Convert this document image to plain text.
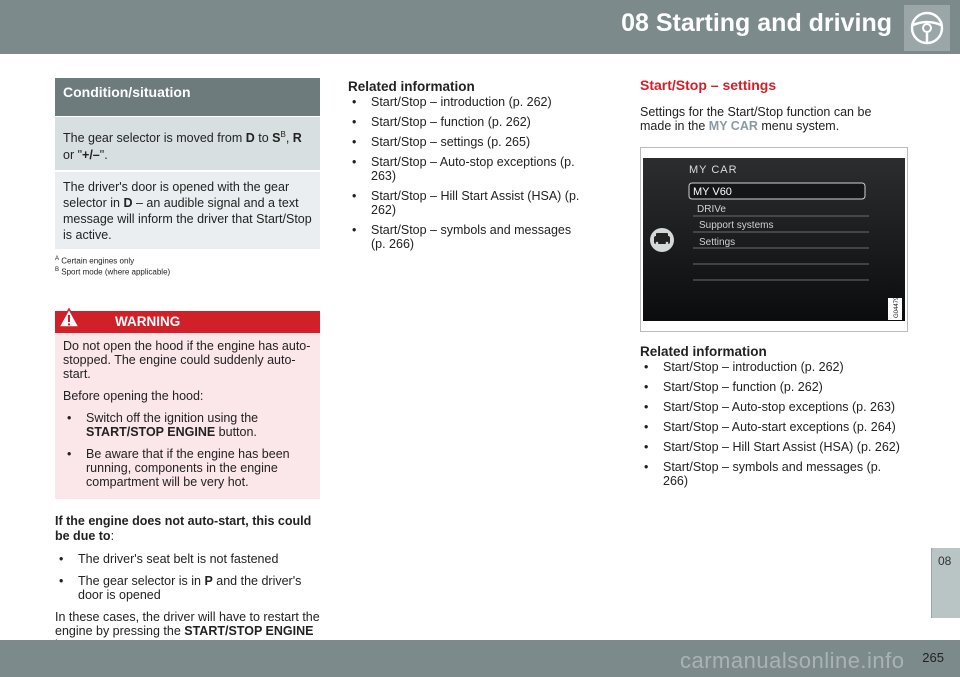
08 Starting and driving
08
Condition/situation
The gear selector is moved from D to $S^B$, R or "+/–".
The driver's door is opened with the gear selector in D – an audible signal and a text message will inform the driver that Start/Stop is active.
$^A$ Certain engines only
$^B$ Sport mode (where applicable)
WARNING

Do not open the hood if the engine has auto-stopped. The engine could suddenly auto-start.

Before opening the hood:

• Switch off the ignition using the START/STOP ENGINE button.
• Be aware that if the engine has been running, components in the engine compartment will be very hot.
If the engine does not auto-start, this could be due to:
• The driver's seat belt is not fastened
• The gear selector is in P and the driver's door is opened
In these cases, the driver will have to restart the engine by pressing the START/STOP ENGINE
Related information
• Start/Stop – introduction (p. 262)
• Start/Stop – function (p. 262)
• Start/Stop – settings (p. 265)
• Start/Stop – Auto-stop exceptions (p. 263)
• Start/Stop – Hill Start Assist (HSA) (p. 262)
• Start/Stop – symbols and messages (p. 266)
Start/Stop – settings
Settings for the Start/Stop function can be made in the MY CAR menu system.
MY CAR
MY V60
DRIVe
Support systems
Settings
G044793
Related information
• Start/Stop – introduction (p. 262)
• Start/Stop – function (p. 262)
• Start/Stop – Auto-stop exceptions (p. 263)
• Start/Stop – Auto-start exceptions (p. 264)
• Start/Stop – Hill Start Assist (HSA) (p. 262)
• Start/Stop – symbols and messages (p. 266)
carmanualsonline.info 265
